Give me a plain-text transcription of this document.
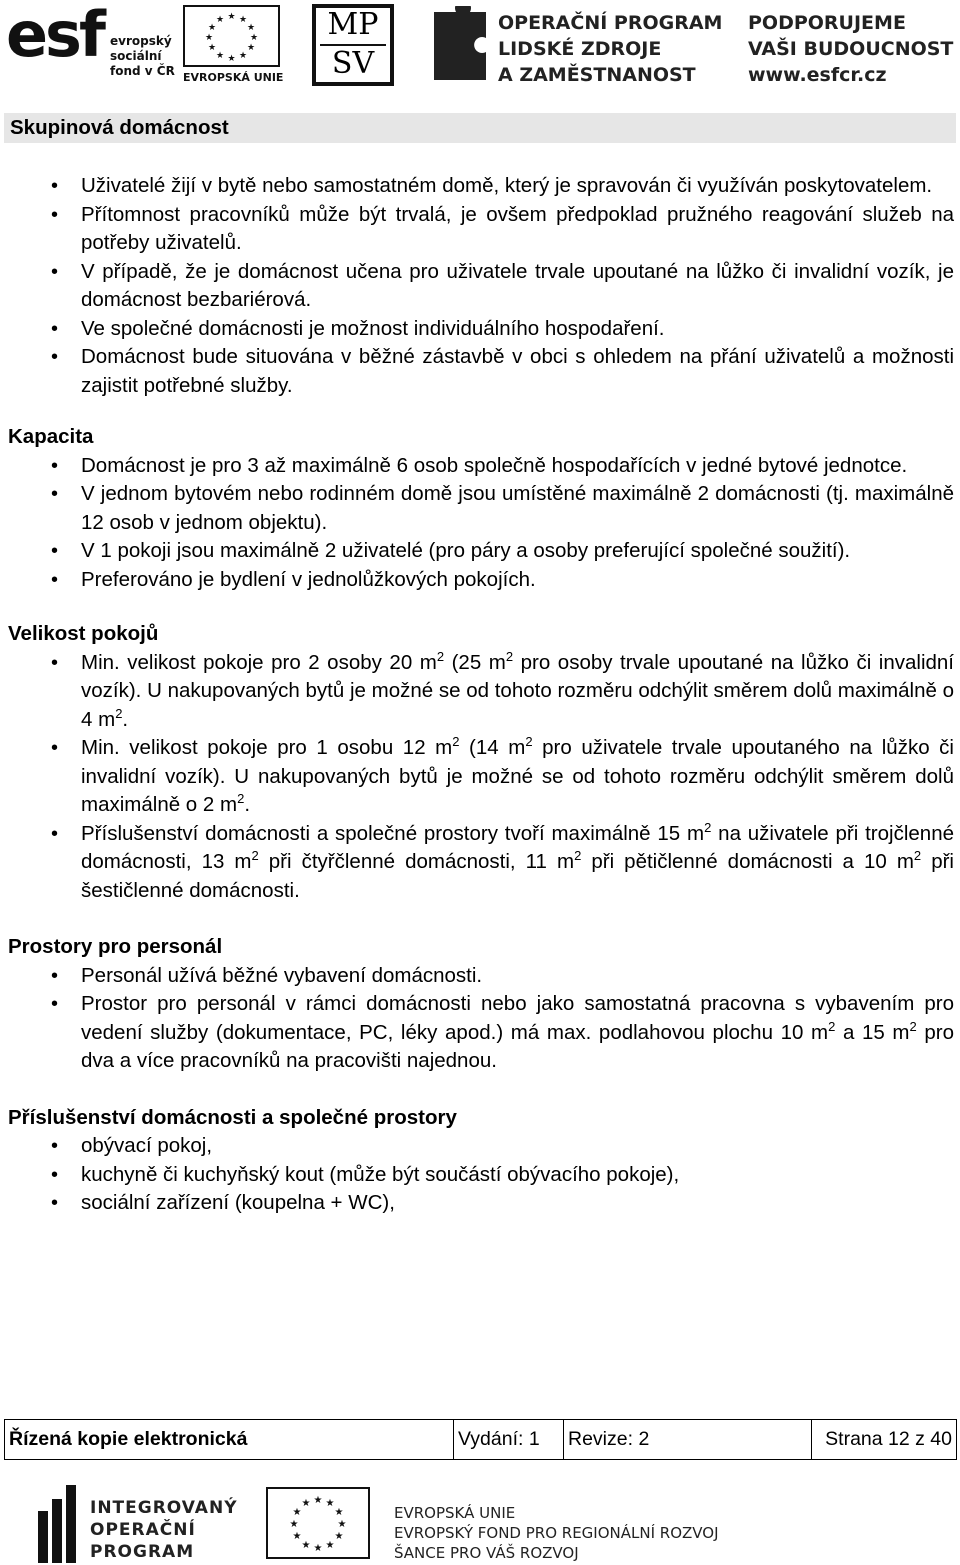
esf evropský
sociální
fond v ČR
★ ★
★
★
★
★
★
★
★
★
★
★
EVROPSKÁ UNIE
MP
SV
OPERAČNÍ PROGRAM
LIDSKÉ ZDROJE
A ZAMĚSTNANOST
PODPORUJEME
VAŠI BUDOUCNOST
www.esfcr.cz
Skupinová domácnost
• Uživatelé žijí v bytě nebo samostatném domě, který je spravován či využíván poskytovatelem.
• Přítomnost pracovníků může být trvalá, je ovšem předpoklad pružného reagování služeb na potřeby uživatelů.
• V případě, že je domácnost učena pro uživatele trvale upoutané na lůžko či invalidní vozík, je domácnost bezbariérová.
• Ve společné domácnosti je možnost individuálního hospodaření.
• Domácnost bude situována v běžné zástavbě v obci s ohledem na přání uživatelů a možnosti zajistit potřebné služby.
Kapacita
• Domácnost je pro 3 až maximálně 6 osob společně hospodařících v jedné bytové jednotce.
• V jednom bytovém nebo rodinném domě jsou umístěné maximálně 2 domácnosti (tj. maximálně 12 osob v jednom objektu).
• V 1 pokoji jsou maximálně 2 uživatelé (pro páry a osoby preferující společné soužití).
• Preferováno je bydlení v jednolůžkových pokojích.
Velikost pokojů
• Min. velikost pokoje pro 2 osoby 20 $m^2$ (25 $m^2$ pro osoby trvale upoutané na lůžko či invalidní vozík). U nakupovaných bytů je možné se od tohoto rozměru odchýlit směrem dolů maximálně o 4 $m^2$.
• Min. velikost pokoje pro 1 osobu 12 $m^2$ (14 $m^2$ pro uživatele trvale upoutaného na lůžko či invalidní vozík). U nakupovaných bytů je možné se od tohoto rozměru odchýlit směrem dolů maximálně o 2 $m^2$.
• Příslušenství domácnosti a společné prostory tvoří maximálně 15 $m^2$ na uživatele při trojčlenné domácnosti, 13 $m^2$ při čtyřčlenné domácnosti, 11 $m^2$ při pětičlenné domácnosti a 10 $m^2$ při šestičlenné domácnosti.
Prostory pro personál
• Personál užívá běžné vybavení domácnosti.
• Prostor pro personál v rámci domácnosti nebo jako samostatná pracovna s vybavením pro vedení služby (dokumentace, PC, léky apod.) má max. podlahovou plochu 10 $m^2$ a 15 $m^2$ pro dva a více pracovníků na pracovišti najednou.
Příslušenství domácnosti a společné prostory
• obývací pokoj,
• kuchyně či kuchyňský kout (může být součástí obývacího pokoje),
• sociální zařízení (koupelna + WC),
Řízená kopie elektronická	Vydání: 1	Revize: 2	Strana 12 z 40
INTEGROVANÝ
OPERAČNÍ
PROGRAM
★ ★
★
★
★
★
★
★
★
★
★
★
EVROPSKÁ UNIE
EVROPSKÝ FOND PRO REGIONÁLNÍ ROZVOJ
ŠANCE PRO VÁŠ ROZVOJ
